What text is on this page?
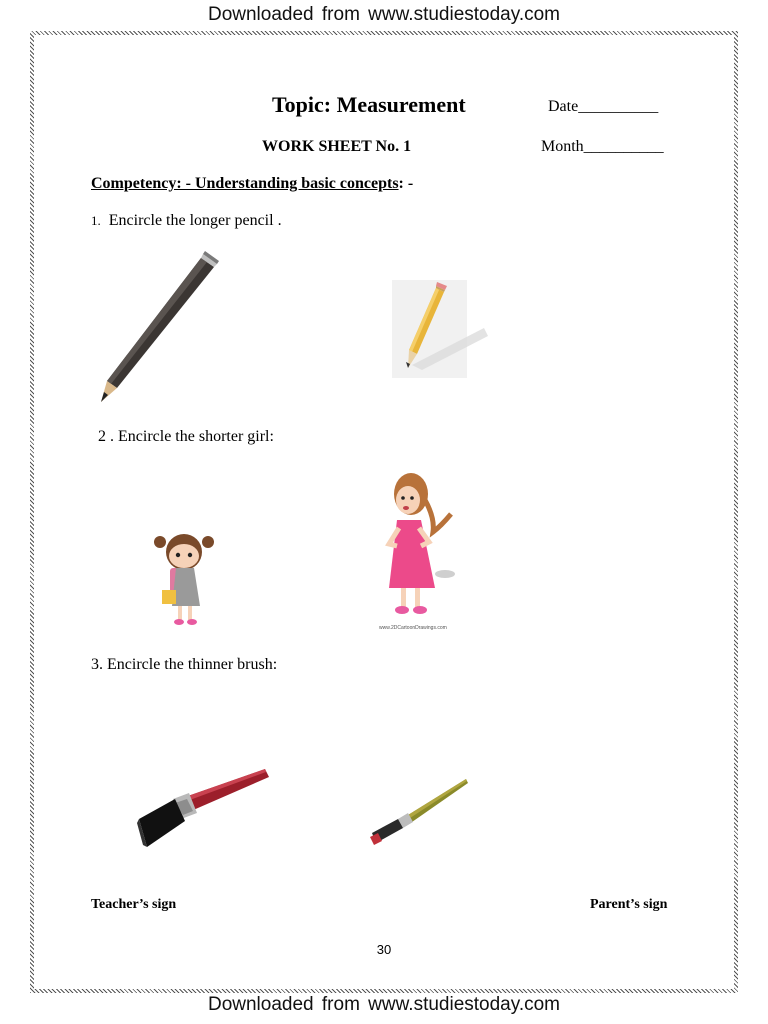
Downloaded from www.studiestoday.com
Topic: Measurement	Date__________
WORK SHEET No. 1	Month__________
Competency: - Understanding basic concepts: -
1. Encircle the longer pencil .
2 . Encircle the shorter girl:
www.2DCartoonDrawings.com
3. Encircle the thinner brush:
Teacher’s sign	Parent’s sign
30
Downloaded from www.studiestoday.com
